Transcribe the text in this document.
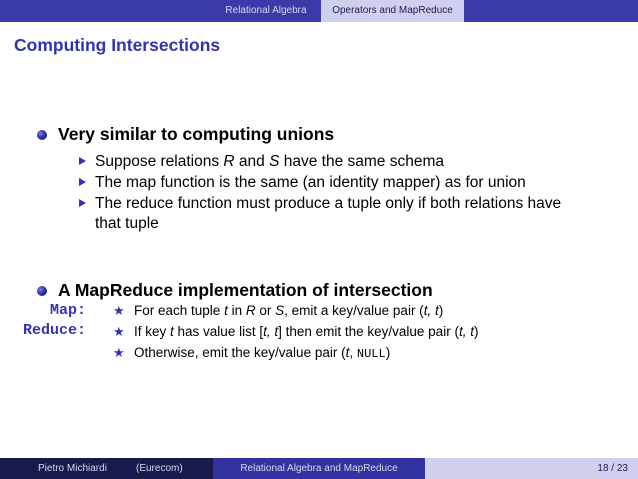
Relational Algebra	Operators and MapReduce
Computing Intersections
Very similar to computing unions
Suppose relations R and S have the same schema
The map function is the same (an identity mapper) as for union
The reduce function must produce a tuple only if both relations have that tuple
A MapReduce implementation of intersection
Map:
Reduce:
★ For each tuple t in R or S, emit a key/value pair (t, t)
★ If key t has value list [t, t] then emit the key/value pair (t, t)
★ Otherwise, emit the key/value pair (t, NULL)
Pietro Michiardi	(Eurecom)	Relational Algebra and MapReduce	18 / 23
